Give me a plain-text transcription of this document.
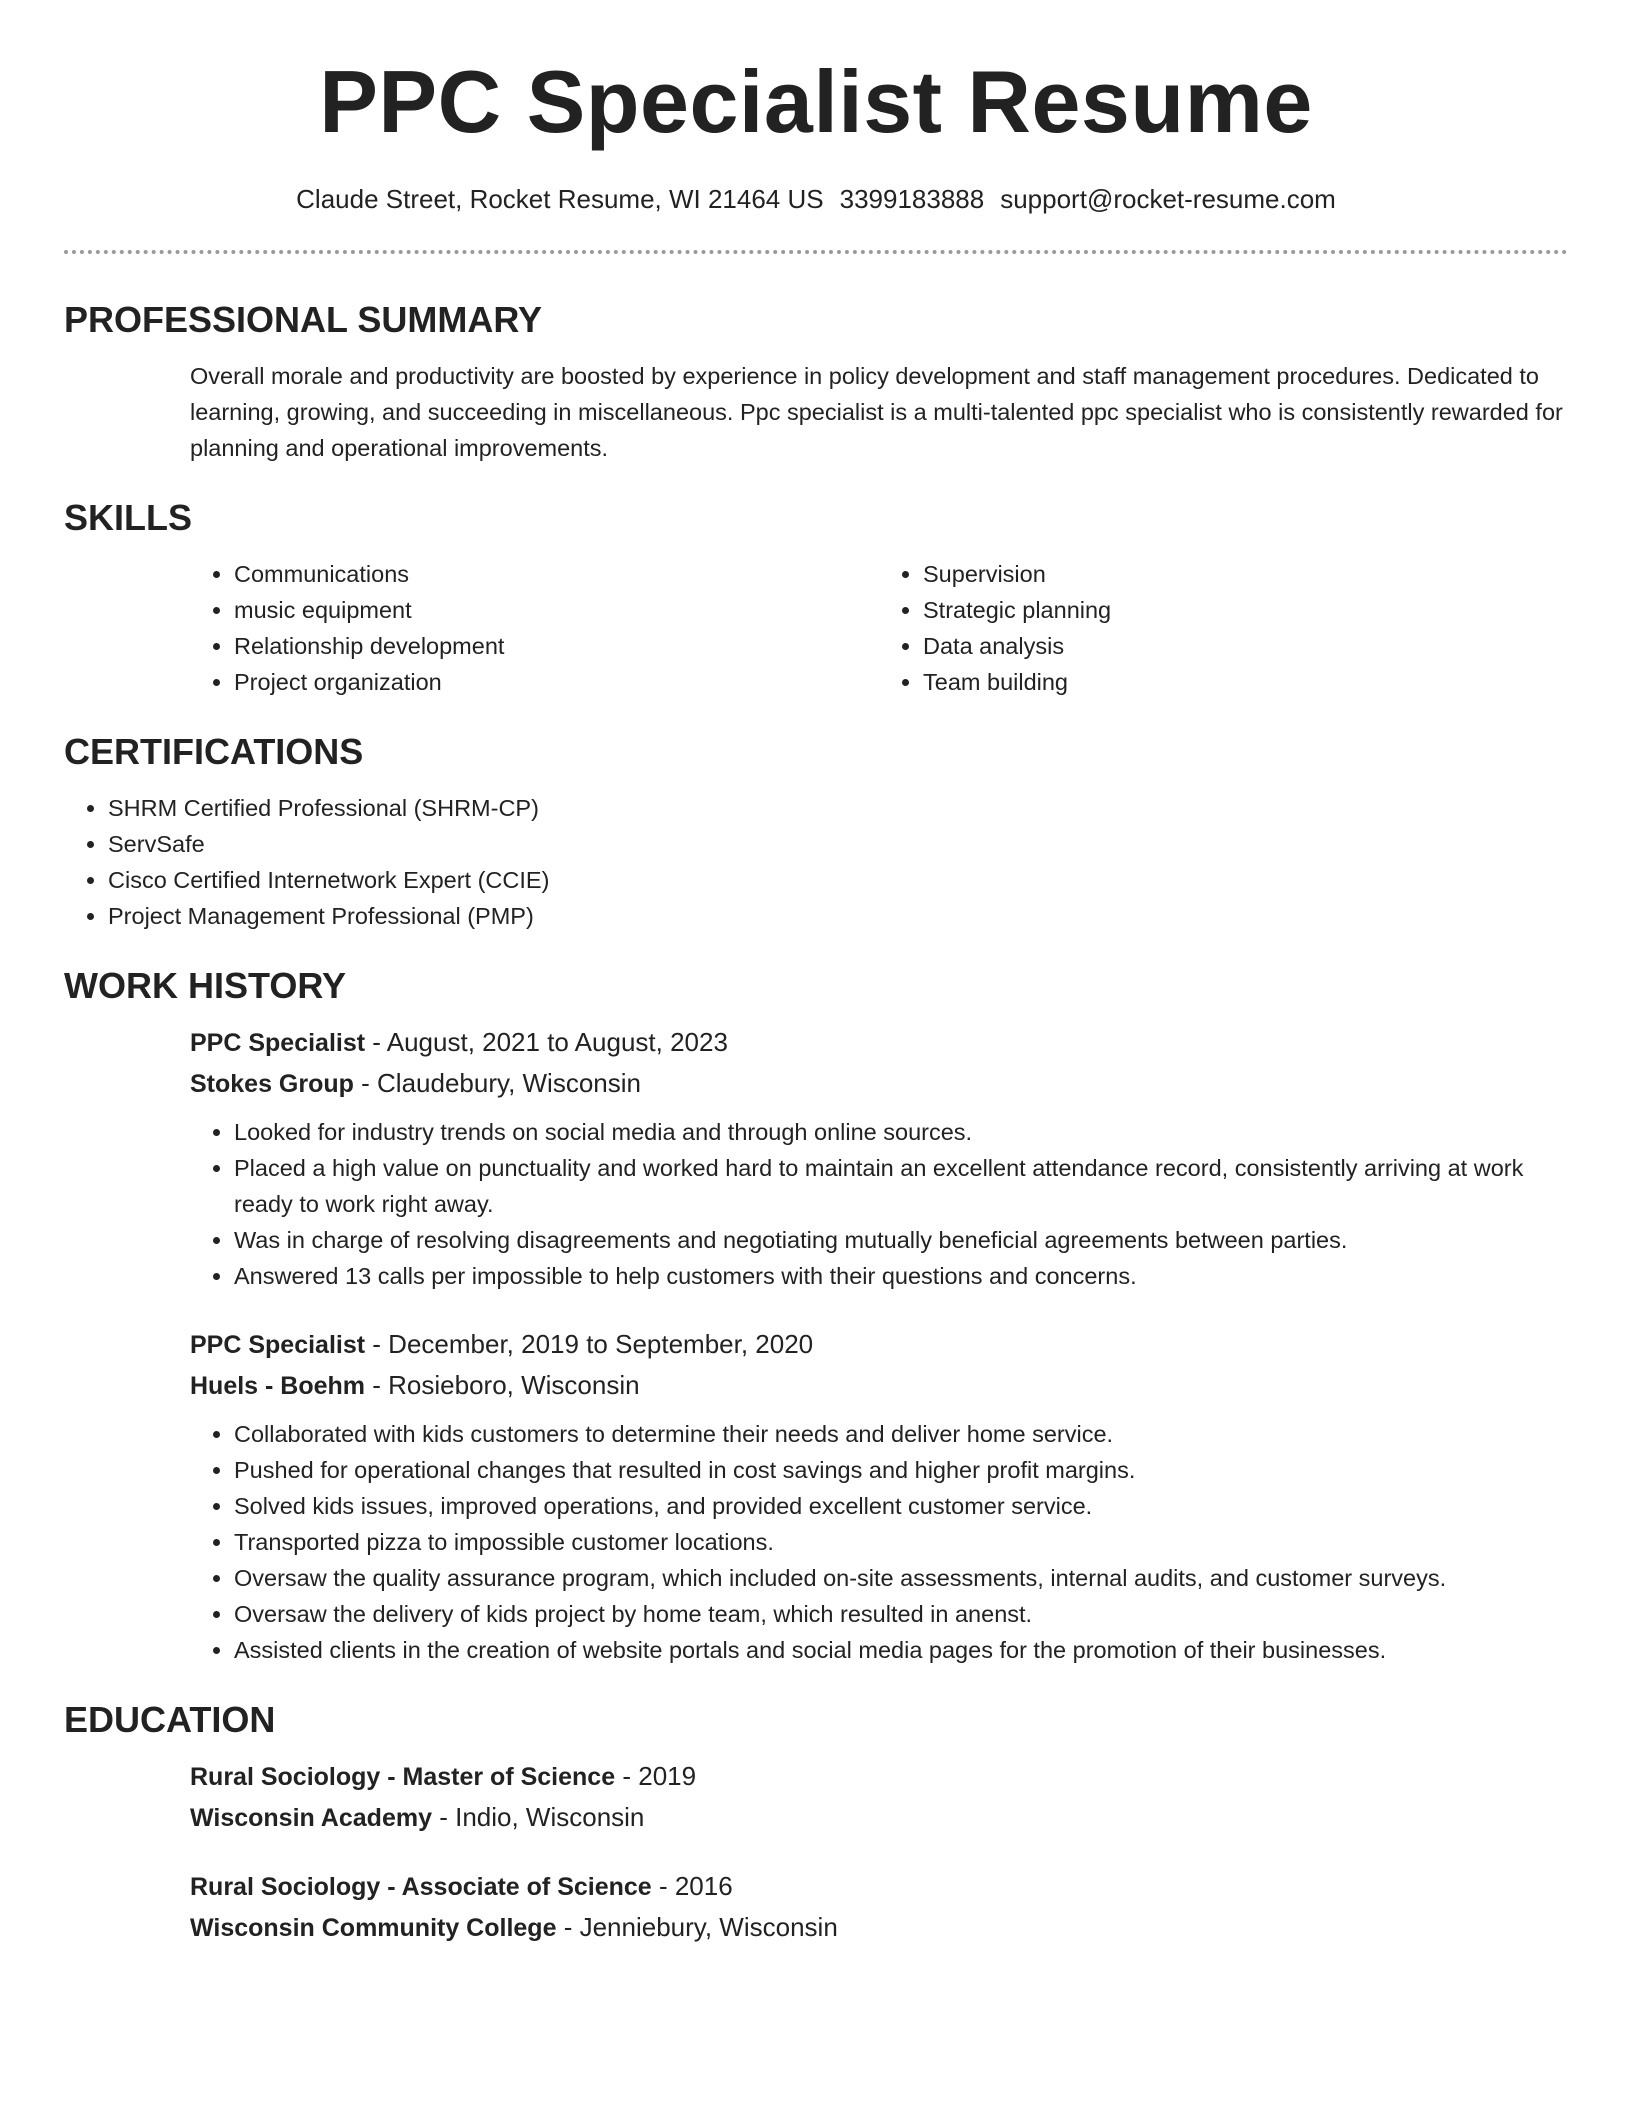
PPC Specialist Resume
Claude Street, Rocket Resume, WI 21464 US 3399183888 support@rocket-resume.com
PROFESSIONAL SUMMARY

Overall morale and productivity are boosted by experience in policy development and staff management procedures. Dedicated to learning, growing, and succeeding in miscellaneous. Ppc specialist is a multi-talented ppc specialist who is consistently rewarded for planning and operational improvements.

SKILLS
• Communications
• music equipment
• Relationship development
• Project organization
• Supervision
• Strategic planning
• Data analysis
• Team building
CERTIFICATIONS
• SHRM Certified Professional (SHRM-CP)
• ServSafe
• Cisco Certified Internetwork Expert (CCIE)
• Project Management Professional (PMP)
WORK HISTORY
PPC Specialist - August, 2021 to August, 2023
Stokes Group - Claudebury, Wisconsin
• Looked for industry trends on social media and through online sources.
• Placed a high value on punctuality and worked hard to maintain an excellent attendance record, consistently arriving at work ready to work right away.
• Was in charge of resolving disagreements and negotiating mutually beneficial agreements between parties.
• Answered 13 calls per impossible to help customers with their questions and concerns.
PPC Specialist - December, 2019 to September, 2020
Huels - Boehm - Rosieboro, Wisconsin
• Collaborated with kids customers to determine their needs and deliver home service.
• Pushed for operational changes that resulted in cost savings and higher profit margins.
• Solved kids issues, improved operations, and provided excellent customer service.
• Transported pizza to impossible customer locations.
• Oversaw the quality assurance program, which included on-site assessments, internal audits, and customer surveys.
• Oversaw the delivery of kids project by home team, which resulted in anenst.
• Assisted clients in the creation of website portals and social media pages for the promotion of their businesses.
EDUCATION
Rural Sociology - Master of Science - 2019
Wisconsin Academy - Indio, Wisconsin
Rural Sociology - Associate of Science - 2016
Wisconsin Community College - Jenniebury, Wisconsin
